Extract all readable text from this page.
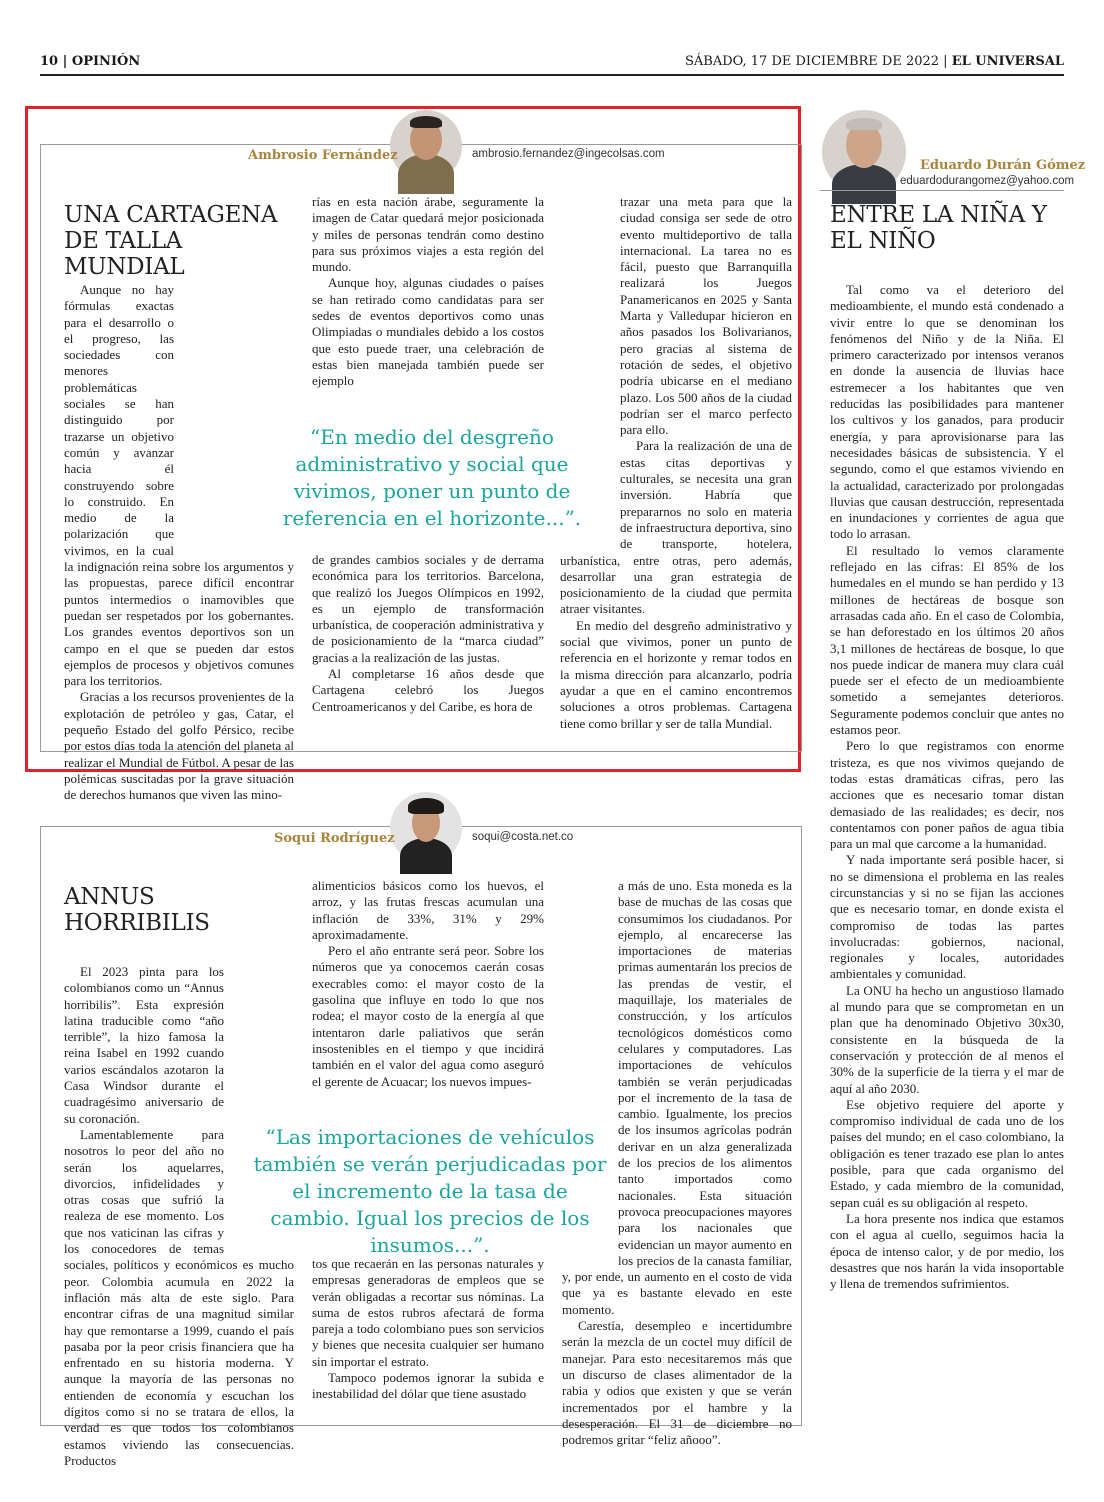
10 | OPINIÓN	SÁBADO, 17 DE DICIEMBRE DE 2022 | EL UNIVERSAL
Ambrosio Fernández	ambrosio.fernandez@ingecolsas.com
UNA CARTAGENA DE TALLA MUNDIAL

Aunque no hay fórmulas exactas para el desarrollo o el progreso, las sociedades con menores problemáticas sociales se han distinguido por trazarse un objetivo común y avanzar hacia él construyendo sobre lo construido. En medio de la polarización que vivimos, en la cual la indignación reina sobre los argumentos y las propuestas, parece difícil encontrar puntos intermedios o inamovibles que puedan ser respetados por los gobernantes. Los grandes eventos deportivos son un campo en el que se pueden dar estos ejemplos de procesos y objetivos comunes para los territorios.

Gracias a los recursos provenientes de la explotación de petróleo y gas, Catar, el pequeño Estado del golfo Pérsico, recibe por estos días toda la atención del planeta al realizar el Mundial de Fútbol. A pesar de las polémicas suscitadas por la grave situación de derechos humanos que viven las mino-

rías en esta nación árabe, seguramente la imagen de Catar quedará mejor posicionada y miles de personas tendrán como destino para sus próximos viajes a esta región del mundo.

Aunque hoy, algunas ciudades o países se han retirado como candidatas para ser sedes de eventos deportivos como unas Olimpiadas o mundiales debido a los costos que esto puede traer, una celebración de estas bien manejada también puede ser ejemplo

“En medio del desgreño administrativo y social que vivimos, poner un punto de referencia en el horizonte...”.

de grandes cambios sociales y de derrama económica para los territorios. Barcelona, que realizó los Juegos Olímpicos en 1992, es un ejemplo de transformación urbanística, de cooperación administrativa y de posicionamiento de la “marca ciudad” gracias a la realización de las justas.

Al completarse 16 años desde que Cartagena celebró los Juegos Centroamericanos y del Caribe, es hora de

trazar una meta para que la ciudad consiga ser sede de otro evento multideportivo de talla internacional. La tarea no es fácil, puesto que Barranquilla realizará los Juegos Panamericanos en 2025 y Santa Marta y Valledupar hicieron en años pasados los Bolivarianos, pero gracias al sistema de rotación de sedes, el objetivo podría ubicarse en el mediano plazo. Los 500 años de la ciudad podrían ser el marco perfecto para ello.

Para la realización de una de estas citas deportivas y culturales, se necesita una gran inversión. Habría que prepararnos no solo en materia de infraestructura deportiva, sino de transporte, hotelera, urbanística, entre otras, pero además, desarrollar una gran estrategia de posicionamiento de la ciudad que permita atraer visitantes.

En medio del desgreño administrativo y social que vivimos, poner un punto de referencia en el horizonte y remar todos en la misma dirección para alcanzarlo, podría ayudar a que en el camino encontremos soluciones a otros problemas. Cartagena tiene como brillar y ser de talla Mundial.

Eduardo Durán Gómez
eduardodurangomez@yahoo.com
ENTRE LA NIÑA Y EL NIÑO

Tal como va el deterioro del medioambiente, el mundo está condenado a vivir entre lo que se denominan los fenómenos del Niño y de la Niña. El primero caracterizado por intensos veranos en donde la ausencia de lluvias hace estremecer a los habitantes que ven reducidas las posibilidades para mantener los cultivos y los ganados, para producir energía, y para aprovisionarse para las necesidades básicas de subsistencia. Y el segundo, como el que estamos viviendo en la actualidad, caracterizado por prolongadas lluvias que causan destrucción, representada en inundaciones y corrientes de agua que todo lo arrasan.

El resultado lo vemos claramente reflejado en las cifras: El 85% de los humedales en el mundo se han perdido y 13 millones de hectáreas de bosque son arrasadas cada año. En el caso de Colombia, se han deforestado en los últimos 20 años 3,1 millones de hectáreas de bosque, lo que nos puede indicar de manera muy clara cuál puede ser el efecto de un medioambiente sometido a semejantes deterioros. Seguramente podemos concluir que antes no estamos peor.

Pero lo que registramos con enorme tristeza, es que nos vivimos quejando de todas estas dramáticas cifras, pero las acciones que es necesario tomar distan demasiado de las realidades; es decir, nos contentamos con poner paños de agua tibia para un mal que carcome a la humanidad.

Y nada importante será posible hacer, si no se dimensiona el problema en las reales circunstancias y si no se fijan las acciones que es necesario tomar, en donde exista el compromiso de todas las partes involucradas: gobiernos, nacional, regionales y locales, autoridades ambientales y comunidad.

La ONU ha hecho un angustioso llamado al mundo para que se comprometan en un plan que ha denominado Objetivo 30x30, consistente en la búsqueda de la conservación y protección de al menos el 30% de la superficie de la tierra y el mar de aquí al año 2030.

Ese objetivo requiere del aporte y compromiso individual de cada uno de los países del mundo; en el caso colombiano, la obligación es tener trazado ese plan lo antes posible, para que cada organismo del Estado, y cada miembro de la comunidad, sepan cuál es su obligación al respeto.

La hora presente nos indica que estamos con el agua al cuello, seguimos hacia la época de intenso calor, y de por medio, los desastres que nos harán la vida insoportable y llena de tremendos sufrimientos.

Soqui Rodríguez	soqui@costa.net.co
ANNUS HORRIBILIS

El 2023 pinta para los colombianos como un “Annus horribilis”. Esta expresión latina traducible como “año terrible”, la hizo famosa la reina Isabel en 1992 cuando varios escándalos azotaron la Casa Windsor durante el cuadragésimo aniversario de su coronación.

Lamentablemente para nosotros lo peor del año no serán los aquelarres, divorcios, infidelidades y otras cosas que sufrió la realeza de ese momento. Los que nos vaticinan las cifras y los conocedores de temas sociales, políticos y económicos es mucho peor. Colombia acumula en 2022 la inflación más alta de este siglo. Para encontrar cifras de una magnitud similar hay que remontarse a 1999, cuando el país pasaba por la peor crisis financiera que ha enfrentado en su historia moderna. Y aunque la mayoría de las personas no entienden de economía y escuchan los dígitos como si no se tratara de ellos, la verdad es que todos los colombianos estamos viviendo las consecuencias. Productos

alimenticios básicos como los huevos, el arroz, y las frutas frescas acumulan una inflación de 33%, 31% y 29% aproximadamente.

Pero el año entrante será peor. Sobre los números que ya conocemos caerán cosas execrables como: el mayor costo de la gasolina que influye en todo lo que nos rodea; el mayor costo de la energía al que intentaron darle paliativos que serán insostenibles en el tiempo y que incidirá también en el valor del agua como aseguró el gerente de Acuacar; los nuevos impues-

“Las importaciones de vehículos también se verán perjudicadas por el incremento de la tasa de cambio. Igual los precios de los insumos...”.

tos que recaerán en las personas naturales y empresas generadoras de empleos que se verán obligadas a recortar sus nóminas. La suma de estos rubros afectará de forma pareja a todo colombiano pues son servicios y bienes que necesita cualquier ser humano sin importar el estrato.

Tampoco podemos ignorar la subida e inestabilidad del dólar que tiene asustado

a más de uno. Esta moneda es la base de muchas de las cosas que consumimos los ciudadanos. Por ejemplo, al encarecerse las importaciones de materias primas aumentarán los precios de las prendas de vestir, el maquillaje, los materiales de construcción, y los artículos tecnológicos domésticos como celulares y computadores. Las importaciones de vehículos también se verán perjudicadas por el incremento de la tasa de cambio. Igualmente, los precios de los insumos agrícolas podrán derivar en un alza generalizada de los precios de los alimentos tanto importados como nacionales. Esta situación provoca preocupaciones mayores para los nacionales que evidencian un mayor aumento en los precios de la canasta familiar, y, por ende, un aumento en el costo de vida que ya es bastante elevado en este momento.

Carestía, desempleo e incertidumbre serán la mezcla de un coctel muy difícil de manejar. Para esto necesitaremos más que un discurso de clases alimentador de la rabia y odios que existen y que se verán incrementados por el hambre y la desesperación. El 31 de diciembre no podremos gritar “feliz añooo”.
